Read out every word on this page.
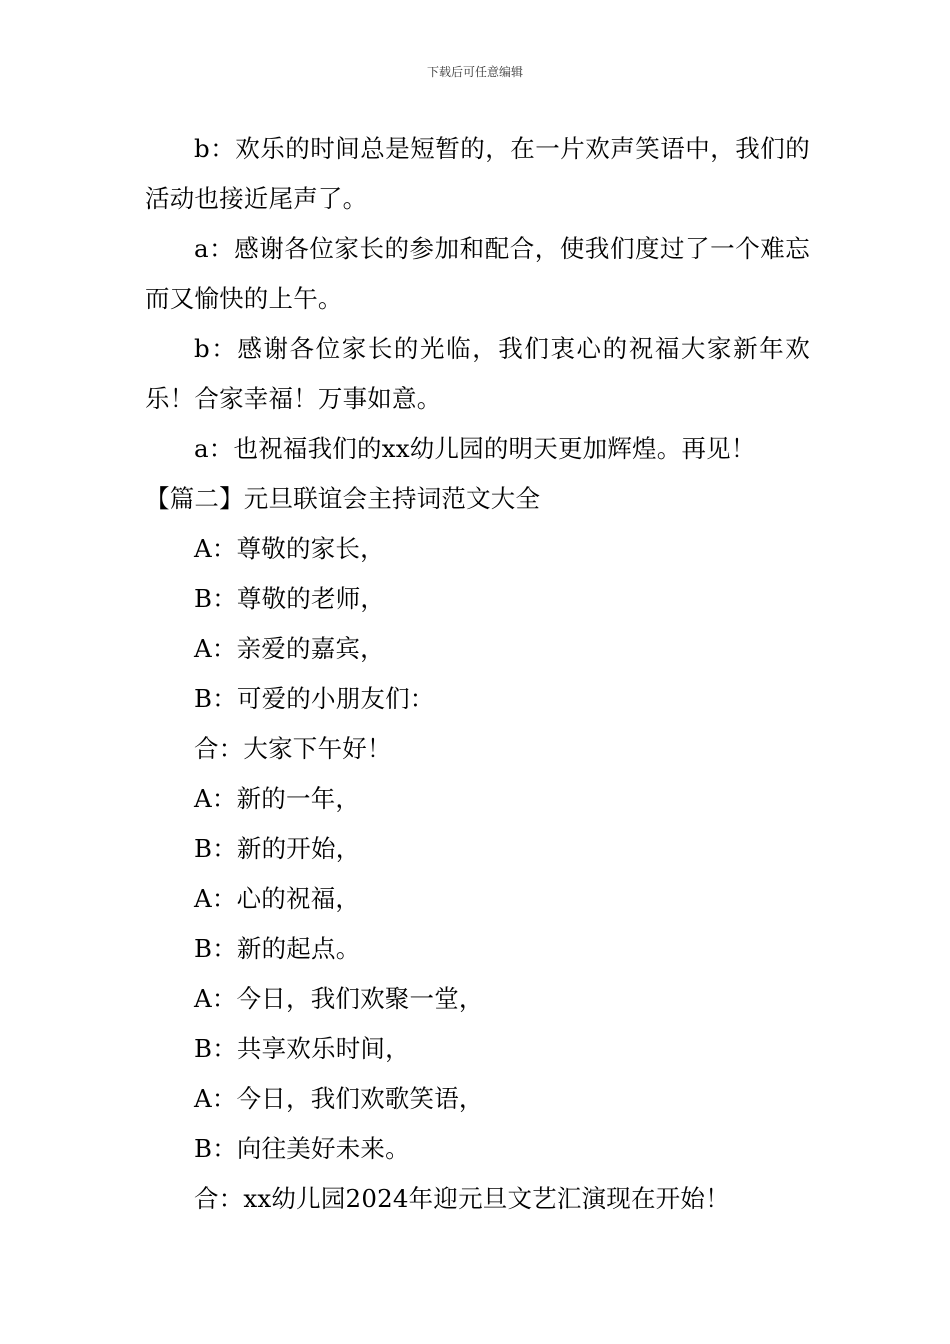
下载后可任意编辑

b：欢乐的时间总是短暂的，在一片欢声笑语中，我们的活动也接近尾声了。

a：感谢各位家长的参加和配合，使我们度过了一个难忘而又愉快的上午。

b：感谢各位家长的光临，我们衷心的祝福大家新年欢乐！合家幸福！万事如意。

a：也祝福我们的xx幼儿园的明天更加辉煌。再见！

【篇二】元旦联谊会主持词范文大全

A：尊敬的家长，

B：尊敬的老师，

A：亲爱的嘉宾，

B：可爱的小朋友们：

合：大家下午好！

A：新的一年，

B：新的开始，

A：心的祝福，

B：新的起点。

A：今日，我们欢聚一堂，

B：共享欢乐时间，

A：今日，我们欢歌笑语，

B：向往美好未来。

合：xx幼儿园2024年迎元旦文艺汇演现在开始！
